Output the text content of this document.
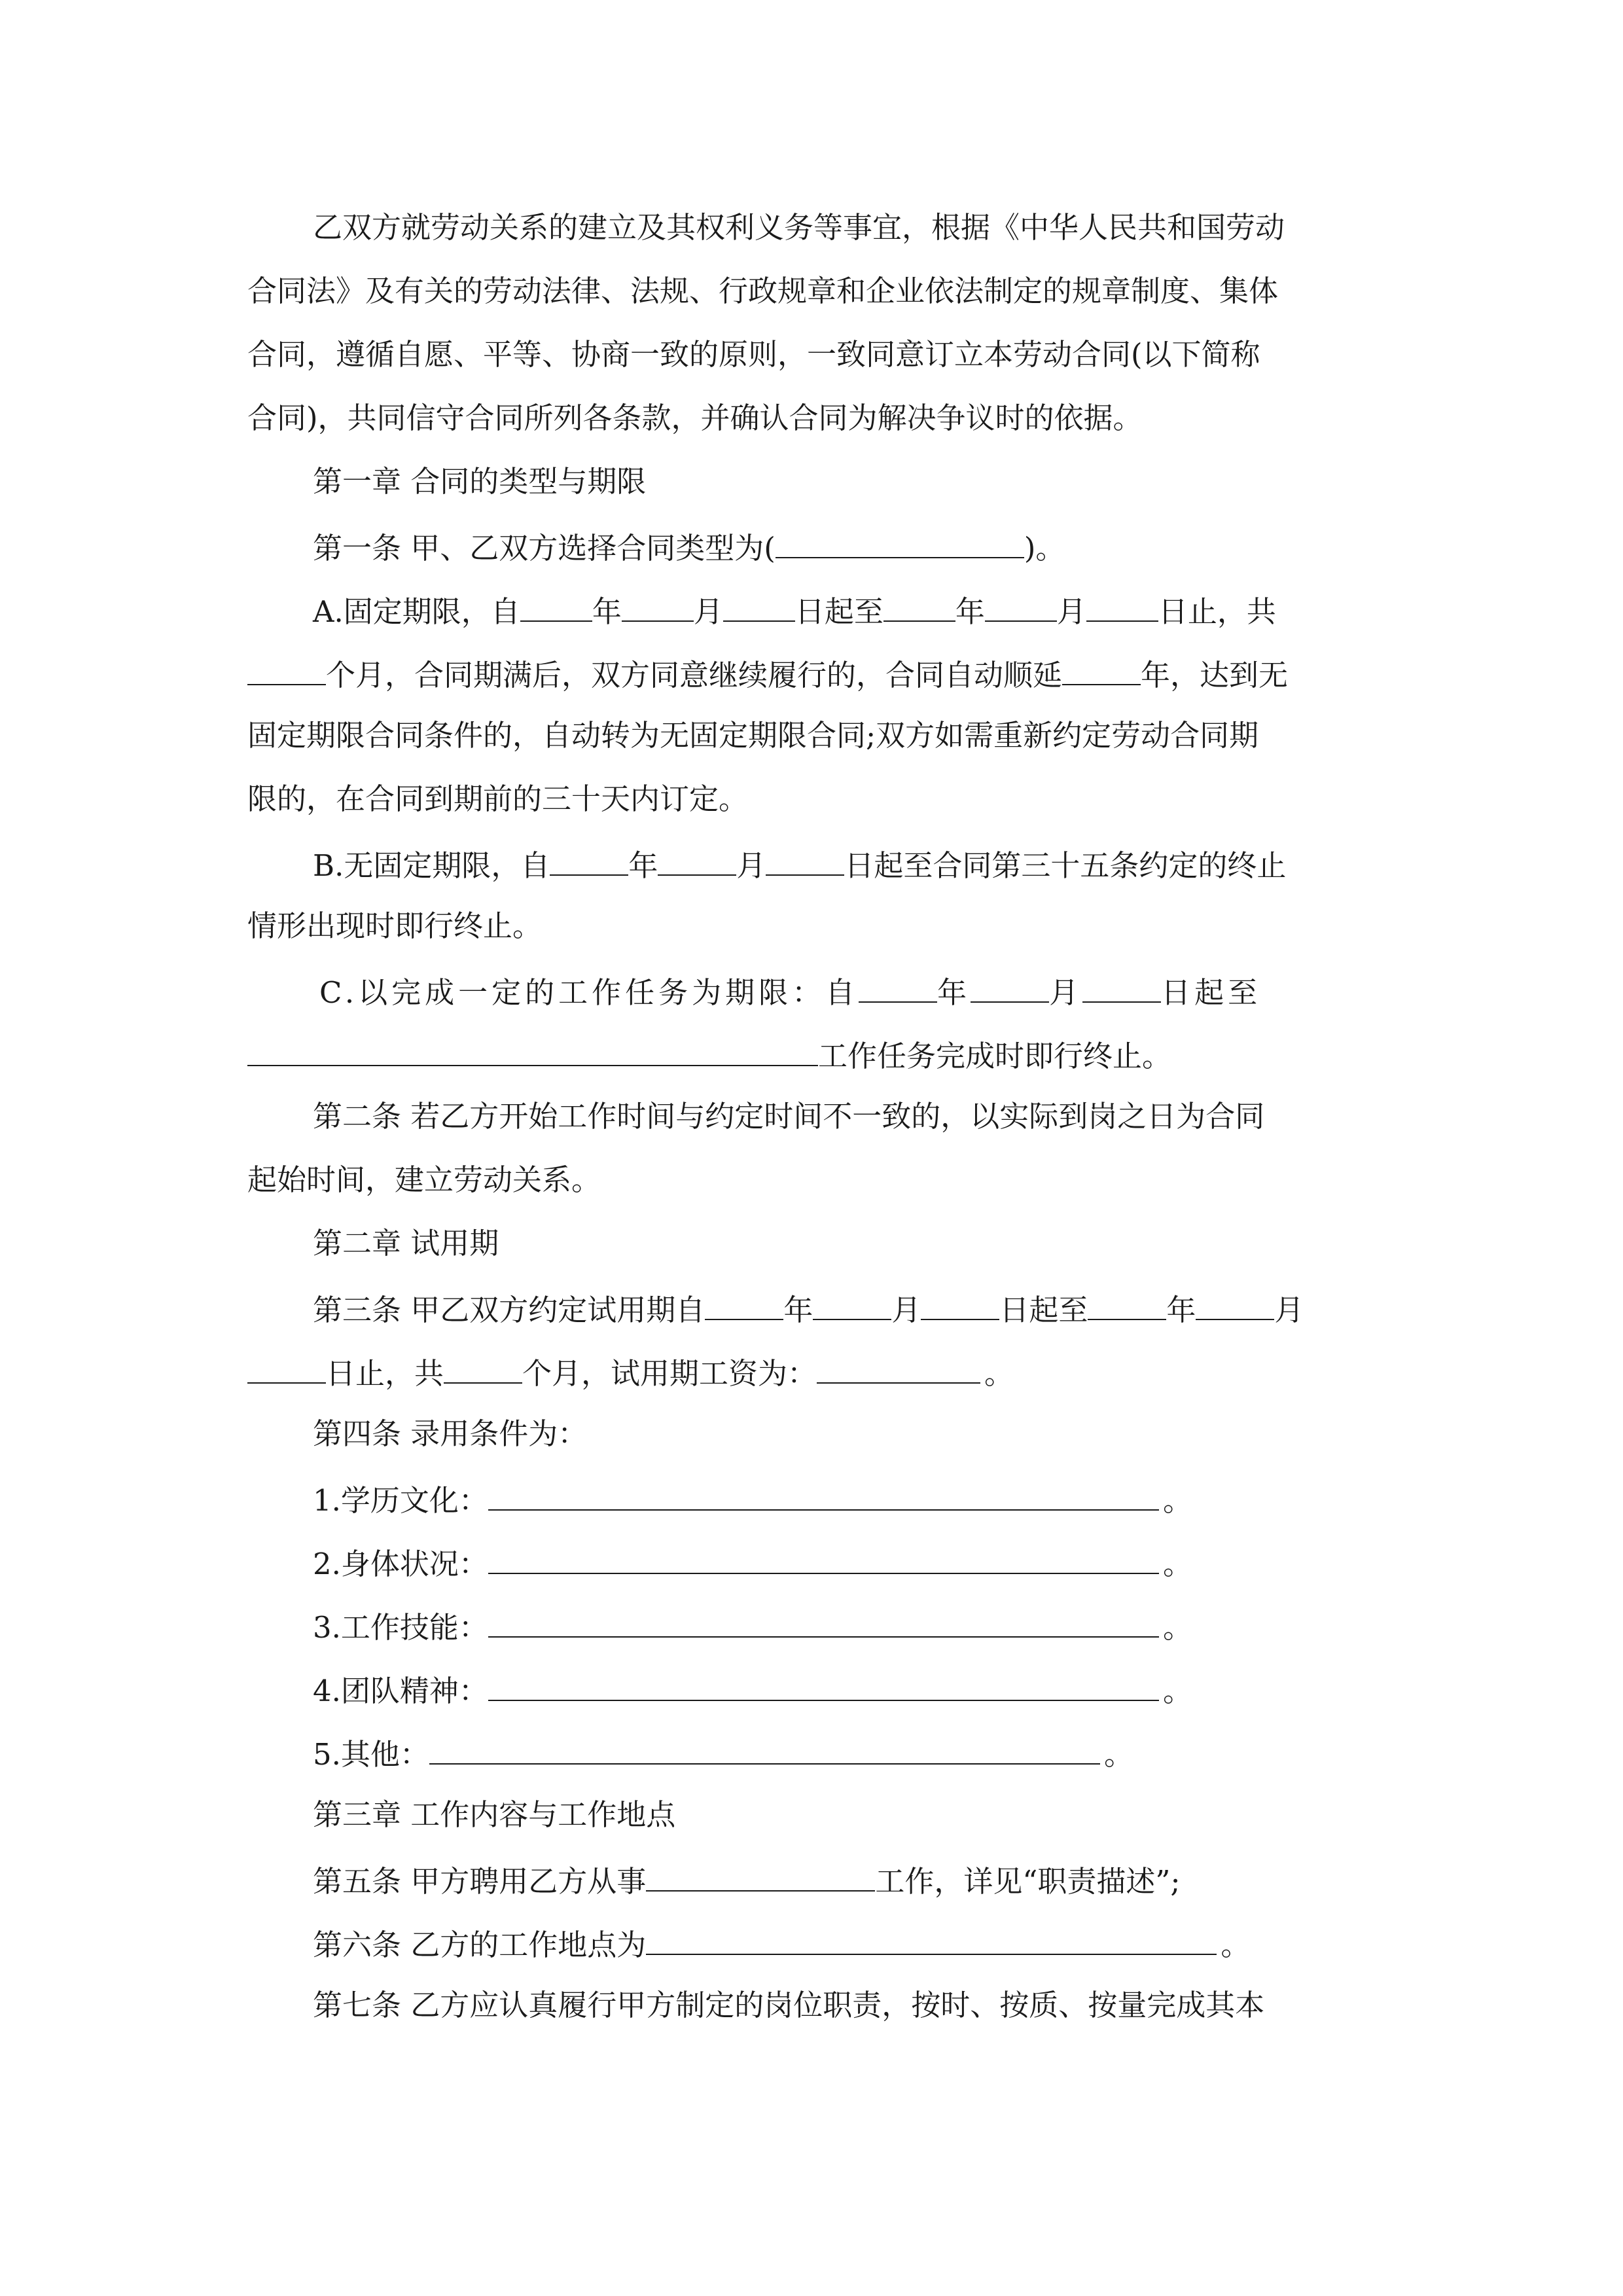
乙双方就劳动关系的建立及其权利义务等事宜，根据《中华人民共和国劳动
合同法》及有关的劳动法律、法规、行政规章和企业依法制定的规章制度、集体
合同，遵循自愿、平等、协商一致的原则，一致同意订立本劳动合同(以下简称
合同)，共同信守合同所列各条款，并确认合同为解决争议时的依据。
第一章 合同的类型与期限
第一条 甲、乙双方选择合同类型为(	)。
A.固定期限，自 年 月 日起至 年 月 日止，共
个月，合同期满后，双方同意继续履行的，合同自动顺延	年，达到无
固定期限合同条件的，自动转为无固定期限合同;双方如需重新约定劳动合同期
限的，在合同到期前的三十天内订定。
B.无固定期限，自	年	月	日起至合同第三十五条约定的终止
情形出现时即行终止。
C.以完成一定的工作任务为期限：自	年	月	日起至
工作任务完成时即行终止。
第二条 若乙方开始工作时间与约定时间不一致的，以实际到岗之日为合同
起始时间，建立劳动关系。
第二章 试用期
第三条 甲乙双方约定试用期自	年	月	日起至	年	月
日止，共	个月，试用期工资为：	。
第四条 录用条件为：
1.学历文化：	。
2.身体状况：	。
3.工作技能：	。
4.团队精神：	。
5.其他：	。
第三章 工作内容与工作地点
第五条 甲方聘用乙方从事	工作，详见“职责描述”;
第六条 乙方的工作地点为	。
第七条 乙方应认真履行甲方制定的岗位职责，按时、按质、按量完成其本
